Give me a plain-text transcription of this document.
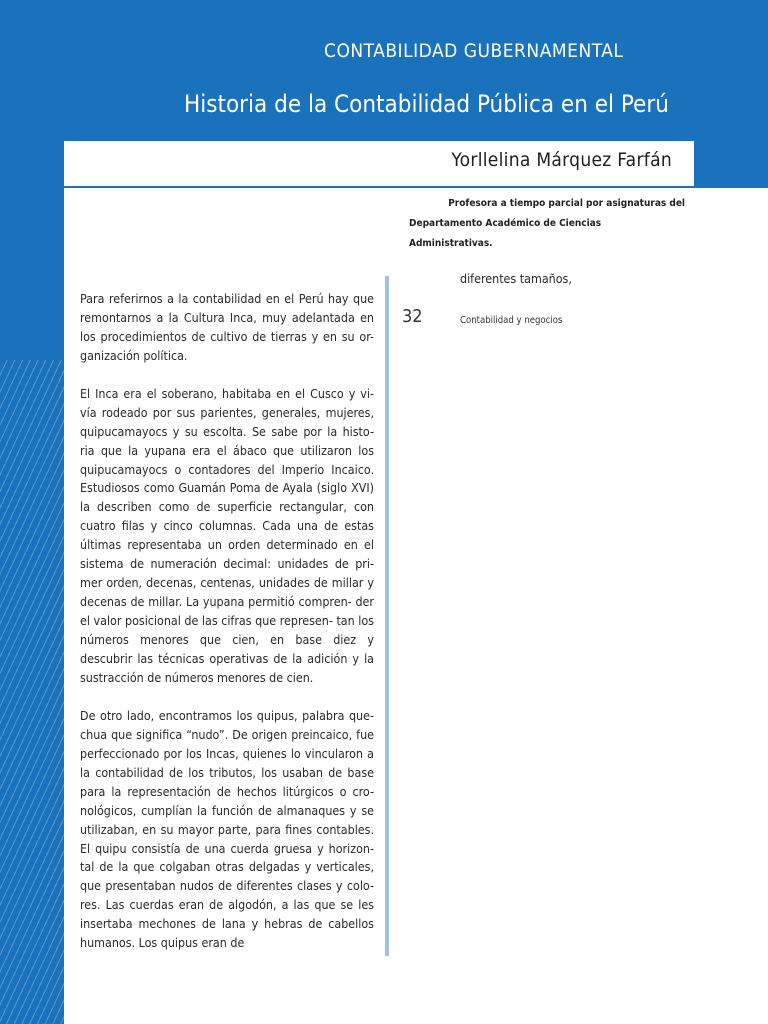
CONTABILIDAD GUBERNAMENTAL
Historia de la Contabilidad Pública en el Perú
Yorllelina Márquez Farfán
Profesora a tiempo parcial por asignaturas del
Departamento Académico de Ciencias
Administrativas.

Para referirnos a la contabilidad en el Perú hay que remontarnos a la Cultura Inca, muy adelantada en los procedimientos de cultivo de tierras y en su or- ganización política.

El Inca era el soberano, habitaba en el Cusco y vi- vía rodeado por sus parientes, generales, mujeres, quipucamayocs y su escolta. Se sabe por la histo- ria que la yupana era el ábaco que utilizaron los quipucamayocs o contadores del Imperio Incaico. Estudiosos como Guamán Poma de Ayala (siglo XVI) la describen como de superficie rectangular, con cuatro filas y cinco columnas. Cada una de estas últimas representaba un orden determinado en el sistema de numeración decimal: unidades de pri- mer orden, decenas, centenas, unidades de millar y decenas de millar. La yupana permitió compren- der el valor posicional de las cifras que represen- tan los números menores que cien, en base diez y descubrir las técnicas operativas de la adición y la sustracción de números menores de cien.

De otro lado, encontramos los quipus, palabra que- chua que significa “nudo”. De origen preincaico, fue perfeccionado por los Incas, quienes lo vincularon a la contabilidad de los tributos, los usaban de base para la representación de hechos litúrgicos o cro- nológicos, cumplían la función de almanaques y se utilizaban, en su mayor parte, para fines contables. El quipu consistía de una cuerda gruesa y horizon- tal de la que colgaban otras delgadas y verticales, que presentaban nudos de diferentes clases y colo- res. Las cuerdas eran de algodón, a las que se les insertaba mechones de lana y hebras de cabellos humanos. Los quipus eran de

diferentes tamaños,
32	Contabilidad y negocios
